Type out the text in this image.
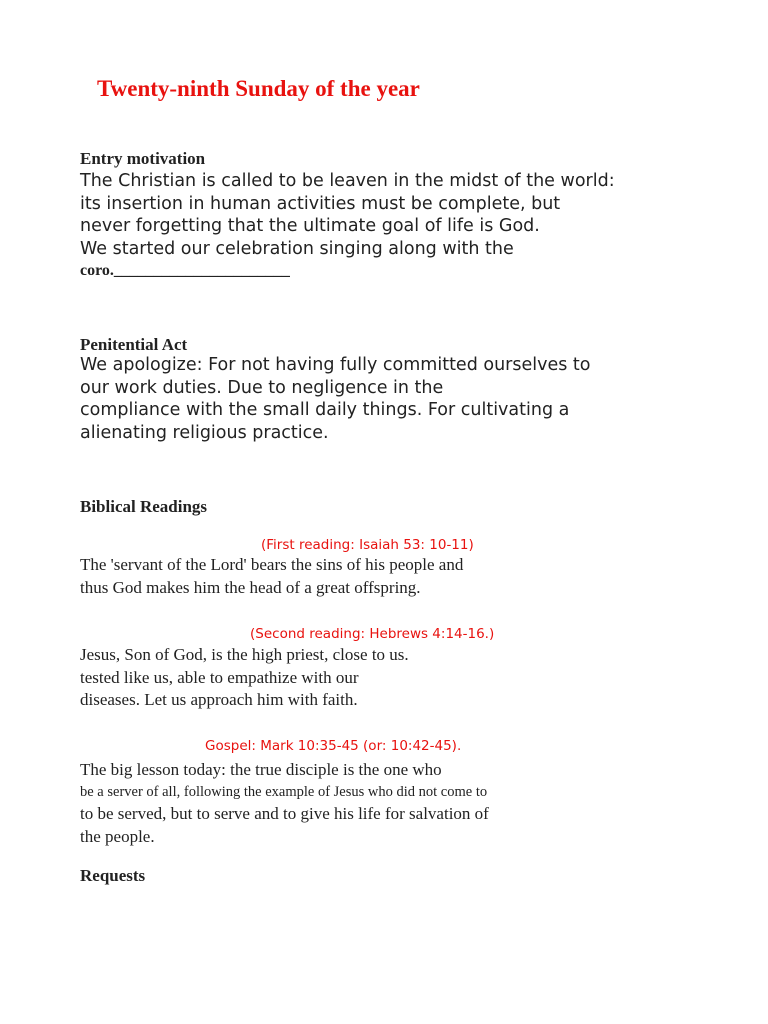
Twenty-ninth Sunday of the year
Entry motivation
The Christian is called to be leaven in the midst of the world:
its insertion in human activities must be complete, but
never forgetting that the ultimate goal of life is God.
We started our celebration singing along with the
coro.______________________
Penitential Act
We apologize: For not having fully committed ourselves to
our work duties. Due to negligence in the
compliance with the small daily things. For cultivating a
alienating religious practice.
Biblical Readings
(First reading: Isaiah 53: 10-11)
The 'servant of the Lord' bears the sins of his people and
thus God makes him the head of a great offspring.
(Second reading: Hebrews 4:14-16.)
Jesus, Son of God, is the high priest, close to us.
tested like us, able to empathize with our
diseases. Let us approach him with faith.
Gospel: Mark 10:35-45 (or: 10:42-45).
The big lesson today: the true disciple is the one who
be a server of all, following the example of Jesus who did not come to
to be served, but to serve and to give his life for salvation of
the people.
Requests
